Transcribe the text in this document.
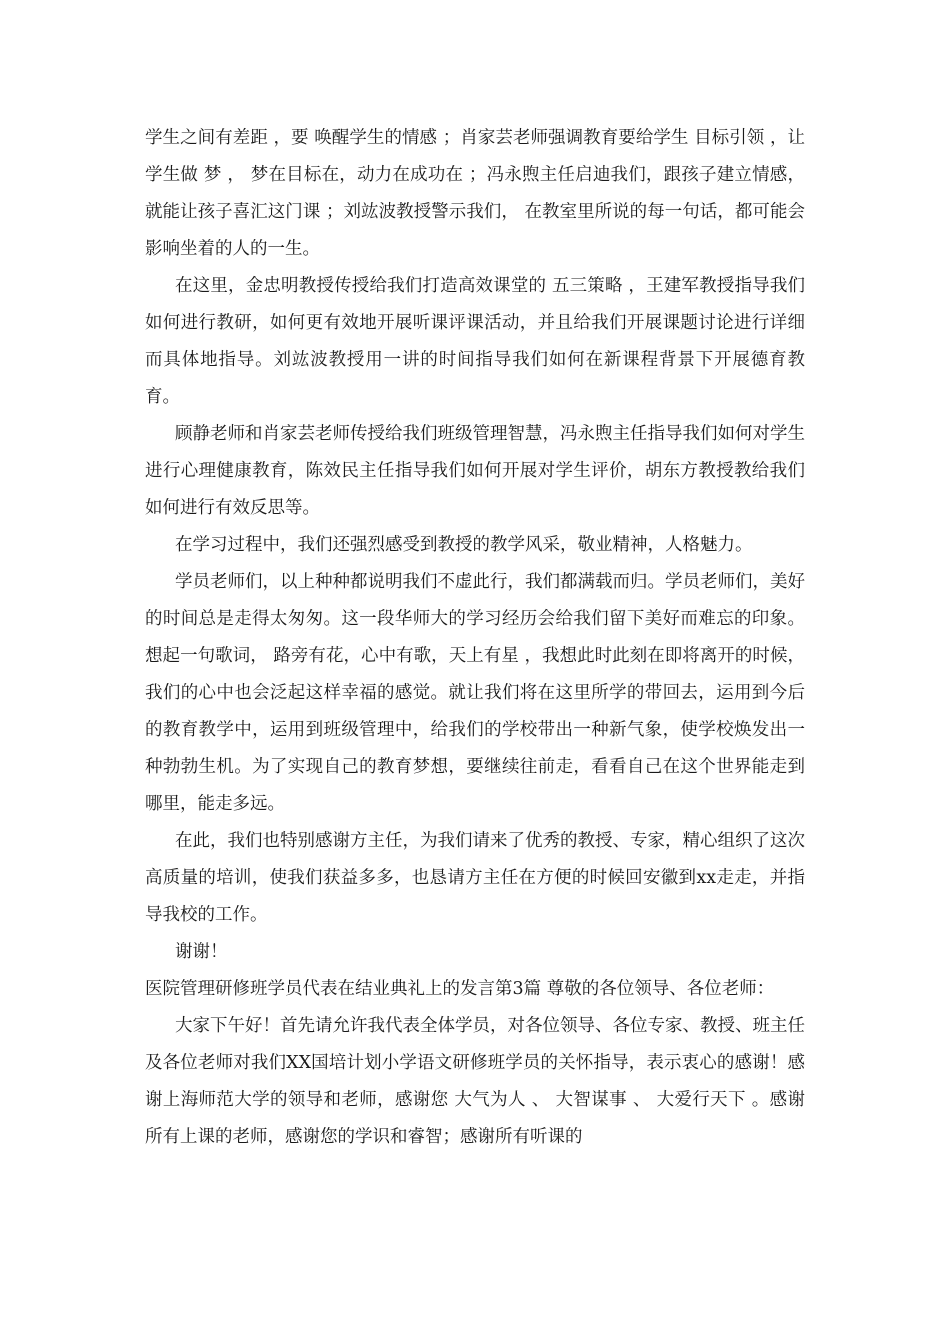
学生之间有差距 ，要 唤醒学生的情感 ；肖家芸老师强调教育要给学生 目标引领 ，让学生做 梦 ， 梦在目标在，动力在成功在 ；冯永煦主任启迪我们，跟孩子建立情感，就能让孩子喜汇这门课 ；刘竑波教授警示我们， 在教室里所说的每一句话，都可能会影响坐着的人的一生。

在这里，金忠明教授传授给我们打造高效课堂的 五三策略 ，王建军教授指导我们如何进行教研，如何更有效地开展听课评课活动，并且给我们开展课题讨论进行详细而具体地指导。刘竑波教授用一讲的时间指导我们如何在新课程背景下开展德育教育。

顾静老师和肖家芸老师传授给我们班级管理智慧，冯永煦主任指导我们如何对学生进行心理健康教育，陈效民主任指导我们如何开展对学生评价，胡东方教授教给我们如何进行有效反思等。

在学习过程中，我们还强烈感受到教授的教学风采，敬业精神，人格魅力。

学员老师们，以上种种都说明我们不虚此行，我们都满载而归。学员老师们，美好的时间总是走得太匆匆。这一段华师大的学习经历会给我们留下美好而难忘的印象。想起一句歌词， 路旁有花，心中有歌，天上有星 ，我想此时此刻在即将离开的时候，我们的心中也会泛起这样幸福的感觉。就让我们将在这里所学的带回去，运用到今后的教育教学中，运用到班级管理中，给我们的学校带出一种新气象，使学校焕发出一种勃勃生机。为了实现自己的教育梦想，要继续往前走，看看自己在这个世界能走到哪里，能走多远。

在此，我们也特别感谢方主任，为我们请来了优秀的教授、专家，精心组织了这次高质量的培训，使我们获益多多，也恳请方主任在方便的时候回安徽到xx走走，并指导我校的工作。

谢谢！

医院管理研修班学员代表在结业典礼上的发言第3篇 尊敬的各位领导、各位老师：

大家下午好！首先请允许我代表全体学员，对各位领导、各位专家、教授、班主任及各位老师对我们XX国培计划小学语文研修班学员的关怀指导，表示衷心的感谢！感谢上海师范大学的领导和老师，感谢您 大气为人 、 大智谋事 、 大爱行天下 。感谢所有上课的老师，感谢您的学识和睿智；感谢所有听课的
